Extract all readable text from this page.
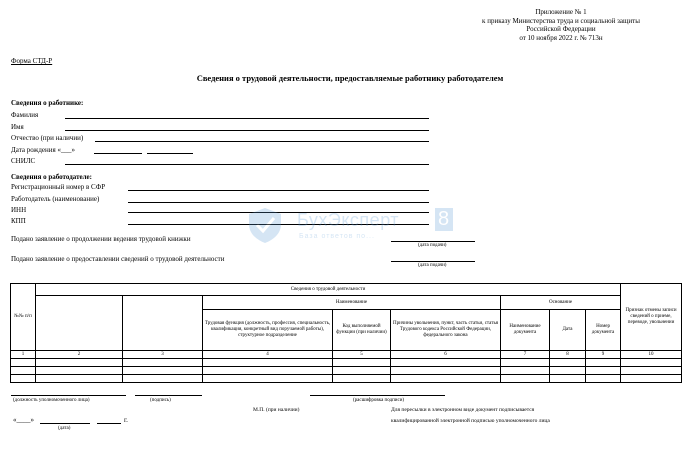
Приложение № 1
к приказу Министерства труда и социальной защиты
Российской Федерации
от 10 ноября 2022 г. № 713н
Форма СТД-Р
Сведения о трудовой деятельности, предоставляемые работнику работодателем
Сведения о работнике:
Фамилия
Имя
Отчество (при наличии)
Дата рождения «___»
СНИЛС
Сведения о работодателе:
Регистрационный номер в СФР
Работодатель (наименование)
ИНН
КПП	БухЭксперт 8
База ответов по...
Подано заявление о продолжении ведения трудовой книжки
(дата подачи)
Подано заявление о предоставлении сведений о трудовой деятельности
(дата подачи)
№№ п/п	Сведения о трудовой деятельности								Признак отмены записи сведений о приеме, переводе, увольнении
			Наименование			Основание			
			Трудовая функция (должность, профессия, специальность, квалификация, конкретный вид поручаемой работы), структурное подразделение	Код выполняемой функции (при наличии)	Причины увольнения, пункт, часть статьи, статья Трудового кодекса Российской Федерации, федерального закона	Наименование документа	Дата	Номер документа	
1	2	3	4	5	6	7	8	9	10

(должность уполномоченного лица)	(подпись)	(расшифровка подписи)
М.П. (при наличии)	Для пересылки в электронном виде документ подписывается
квалифицированной электронной подписью уполномоченного лица
«____»	г.
(дата)
